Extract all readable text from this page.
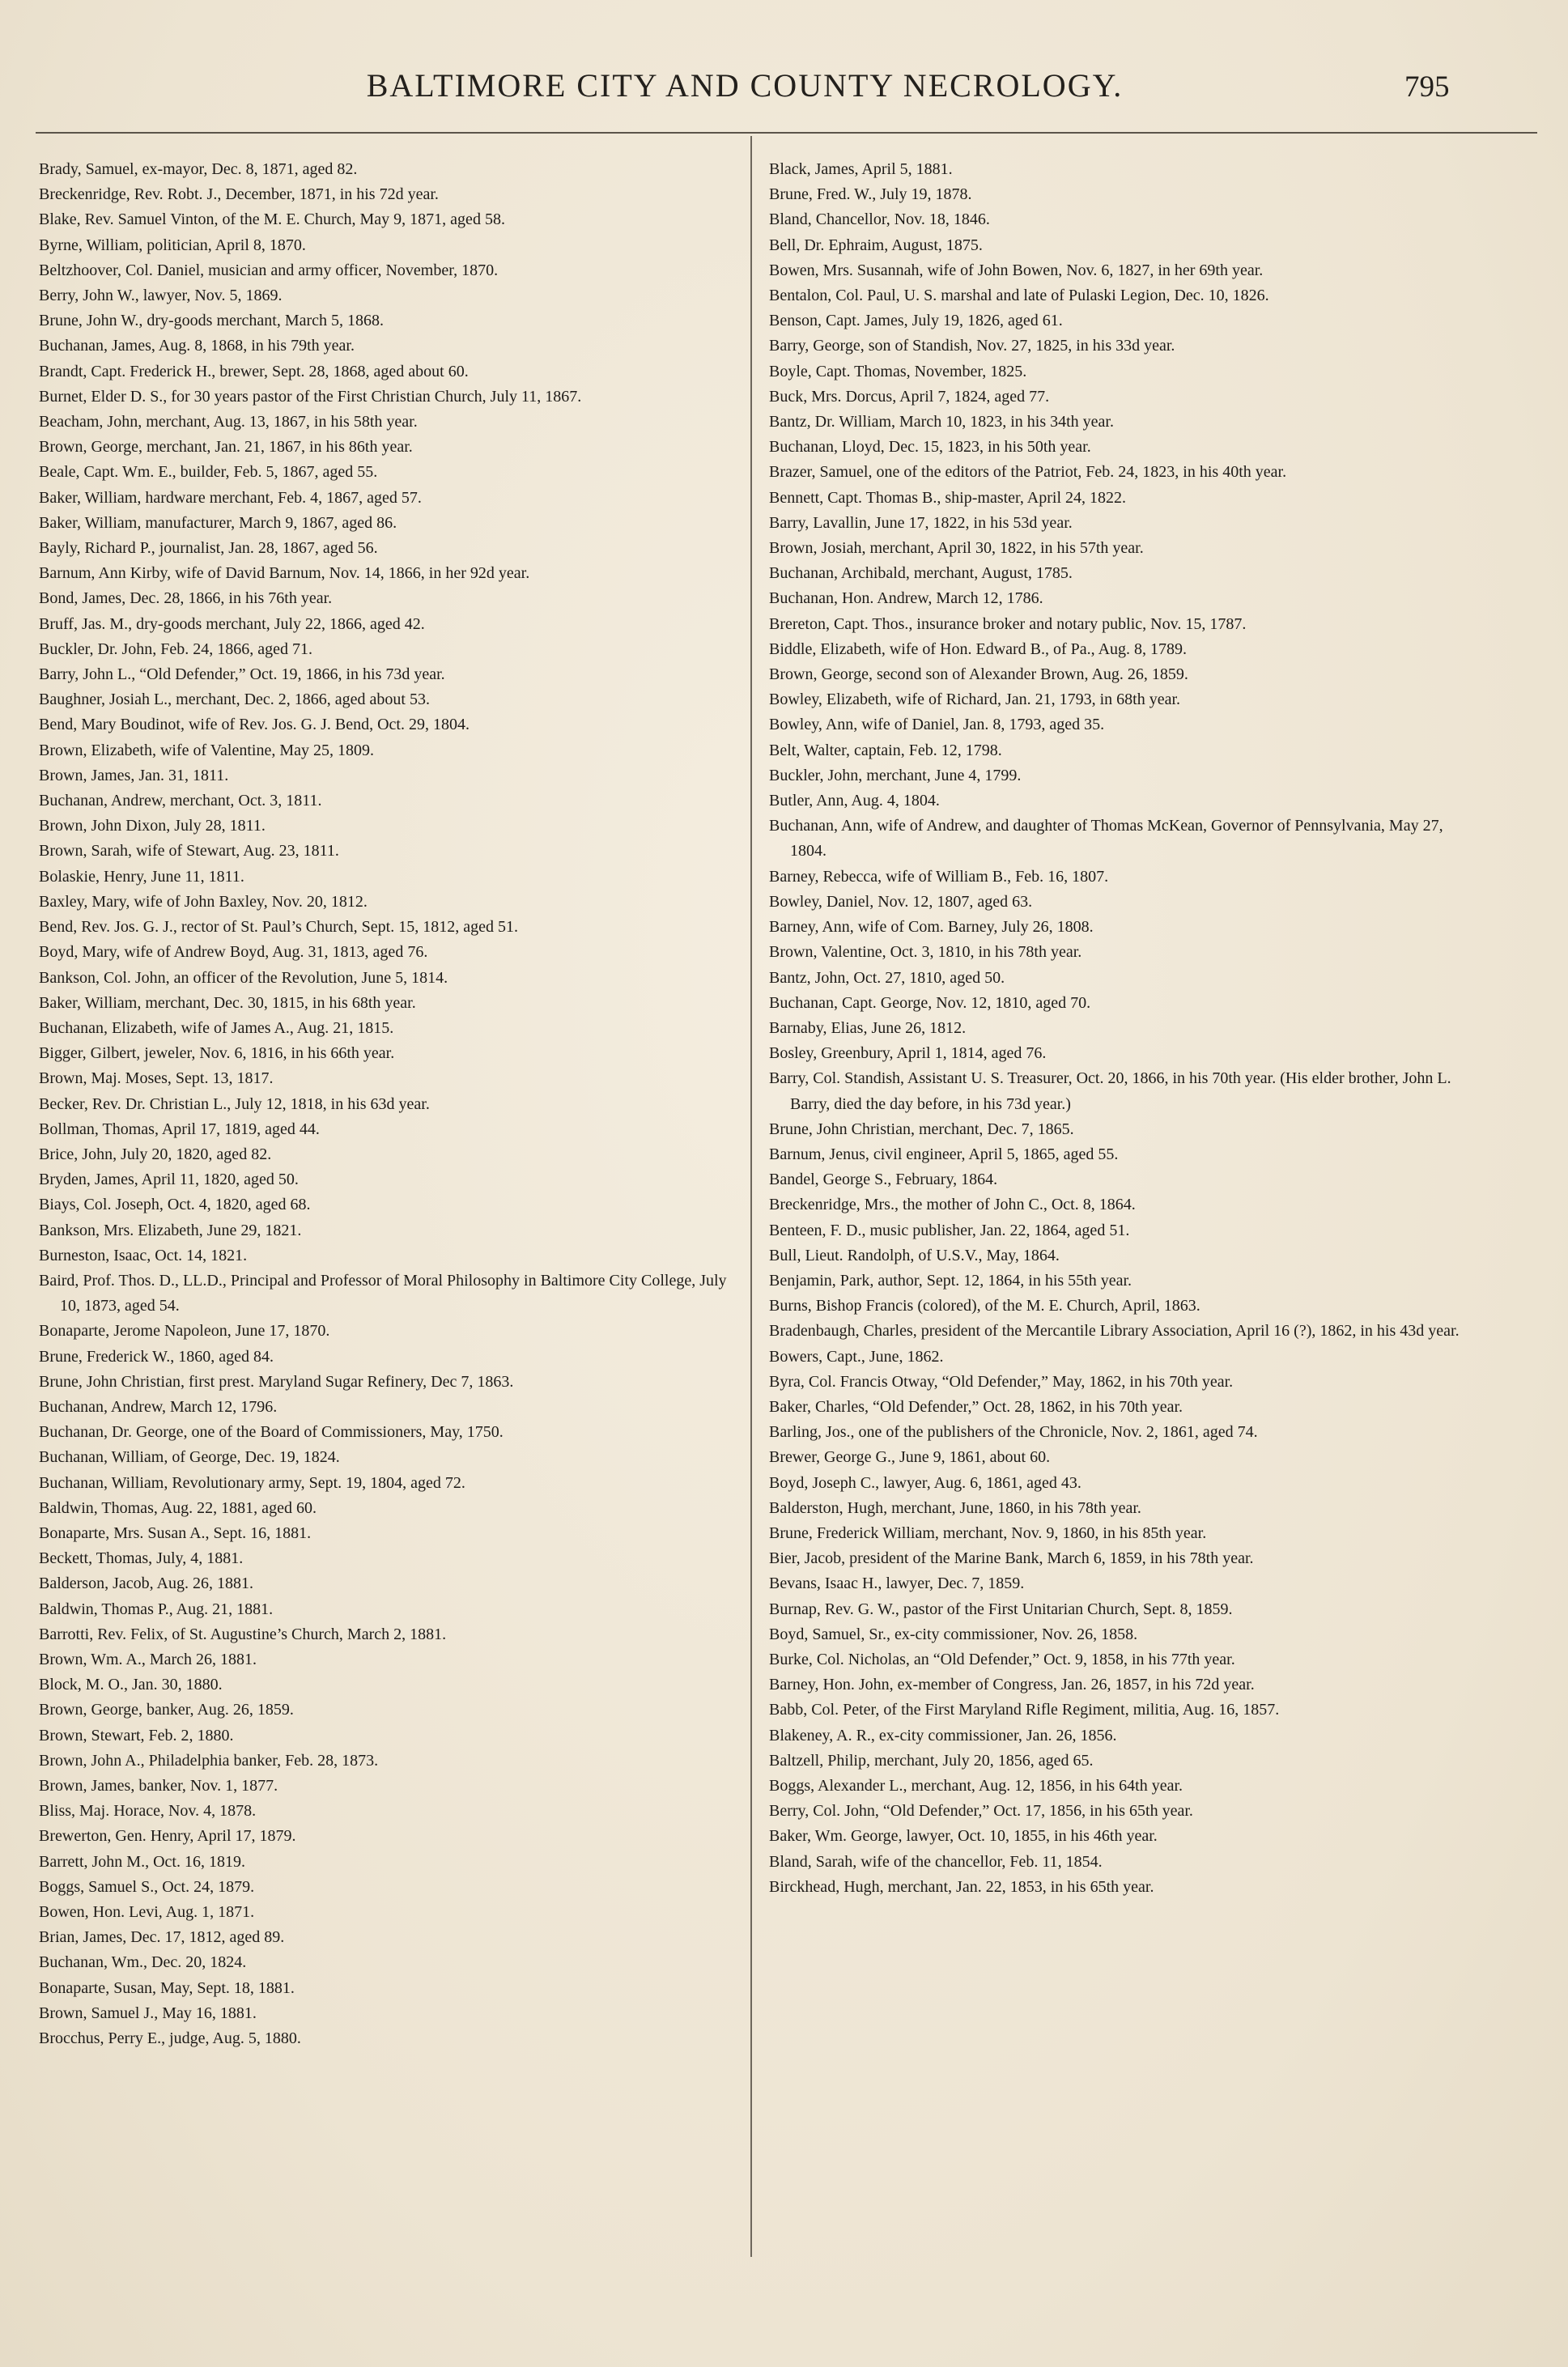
BALTIMORE CITY AND COUNTY NECROLOGY.	795
Brady, Samuel, ex-mayor, Dec. 8, 1871, aged 82.
Breckenridge, Rev. Robt. J., December, 1871, in his 72d year.
Blake, Rev. Samuel Vinton, of the M. E. Church, May 9, 1871, aged 58.
Byrne, William, politician, April 8, 1870.
Beltzhoover, Col. Daniel, musician and army officer, November, 1870.
Berry, John W., lawyer, Nov. 5, 1869.
Brune, John W., dry-goods merchant, March 5, 1868.
Buchanan, James, Aug. 8, 1868, in his 79th year.
Brandt, Capt. Frederick H., brewer, Sept. 28, 1868, aged about 60.
Burnet, Elder D. S., for 30 years pastor of the First Christian Church, July 11, 1867.
Beacham, John, merchant, Aug. 13, 1867, in his 58th year.
Brown, George, merchant, Jan. 21, 1867, in his 86th year.
Beale, Capt. Wm. E., builder, Feb. 5, 1867, aged 55.
Baker, William, hardware merchant, Feb. 4, 1867, aged 57.
Baker, William, manufacturer, March 9, 1867, aged 86.
Bayly, Richard P., journalist, Jan. 28, 1867, aged 56.
Barnum, Ann Kirby, wife of David Barnum, Nov. 14, 1866, in her 92d year.
Bond, James, Dec. 28, 1866, in his 76th year.
Bruff, Jas. M., dry-goods merchant, July 22, 1866, aged 42.
Buckler, Dr. John, Feb. 24, 1866, aged 71.
Barry, John L., “Old Defender,” Oct. 19, 1866, in his 73d year.
Baughner, Josiah L., merchant, Dec. 2, 1866, aged about 53.
Bend, Mary Boudinot, wife of Rev. Jos. G. J. Bend, Oct. 29, 1804.
Brown, Elizabeth, wife of Valentine, May 25, 1809.
Brown, James, Jan. 31, 1811.
Buchanan, Andrew, merchant, Oct. 3, 1811.
Brown, John Dixon, July 28, 1811.
Brown, Sarah, wife of Stewart, Aug. 23, 1811.
Bolaskie, Henry, June 11, 1811.
Baxley, Mary, wife of John Baxley, Nov. 20, 1812.
Bend, Rev. Jos. G. J., rector of St. Paul’s Church, Sept. 15, 1812, aged 51.
Boyd, Mary, wife of Andrew Boyd, Aug. 31, 1813, aged 76.
Bankson, Col. John, an officer of the Revolution, June 5, 1814.
Baker, William, merchant, Dec. 30, 1815, in his 68th year.
Buchanan, Elizabeth, wife of James A., Aug. 21, 1815.
Bigger, Gilbert, jeweler, Nov. 6, 1816, in his 66th year.
Brown, Maj. Moses, Sept. 13, 1817.
Becker, Rev. Dr. Christian L., July 12, 1818, in his 63d year.
Bollman, Thomas, April 17, 1819, aged 44.
Brice, John, July 20, 1820, aged 82.
Bryden, James, April 11, 1820, aged 50.
Biays, Col. Joseph, Oct. 4, 1820, aged 68.
Bankson, Mrs. Elizabeth, June 29, 1821.
Burneston, Isaac, Oct. 14, 1821.
Baird, Prof. Thos. D., LL.D., Principal and Professor of Moral Philosophy in Baltimore City College, July 10, 1873, aged 54.
Bonaparte, Jerome Napoleon, June 17, 1870.
Brune, Frederick W., 1860, aged 84.
Brune, John Christian, first prest. Maryland Sugar Refinery, Dec 7, 1863.
Buchanan, Andrew, March 12, 1796.
Buchanan, Dr. George, one of the Board of Commissioners, May, 1750.
Buchanan, William, of George, Dec. 19, 1824.
Buchanan, William, Revolutionary army, Sept. 19, 1804, aged 72.
Baldwin, Thomas, Aug. 22, 1881, aged 60.
Bonaparte, Mrs. Susan A., Sept. 16, 1881.
Beckett, Thomas, July, 4, 1881.
Balderson, Jacob, Aug. 26, 1881.
Baldwin, Thomas P., Aug. 21, 1881.
Barrotti, Rev. Felix, of St. Augustine’s Church, March 2, 1881.
Brown, Wm. A., March 26, 1881.
Block, M. O., Jan. 30, 1880.
Brown, George, banker, Aug. 26, 1859.
Brown, Stewart, Feb. 2, 1880.
Brown, John A., Philadelphia banker, Feb. 28, 1873.
Brown, James, banker, Nov. 1, 1877.
Bliss, Maj. Horace, Nov. 4, 1878.
Brewerton, Gen. Henry, April 17, 1879.
Barrett, John M., Oct. 16, 1819.
Boggs, Samuel S., Oct. 24, 1879.
Bowen, Hon. Levi, Aug. 1, 1871.
Brian, James, Dec. 17, 1812, aged 89.
Buchanan, Wm., Dec. 20, 1824.
Bonaparte, Susan, May, Sept. 18, 1881.
Brown, Samuel J., May 16, 1881.
Brocchus, Perry E., judge, Aug. 5, 1880.
Black, James, April 5, 1881.
Brune, Fred. W., July 19, 1878.
Bland, Chancellor, Nov. 18, 1846.
Bell, Dr. Ephraim, August, 1875.
Bowen, Mrs. Susannah, wife of John Bowen, Nov. 6, 1827, in her 69th year.
Bentalon, Col. Paul, U. S. marshal and late of Pulaski Legion, Dec. 10, 1826.
Benson, Capt. James, July 19, 1826, aged 61.
Barry, George, son of Standish, Nov. 27, 1825, in his 33d year.
Boyle, Capt. Thomas, November, 1825.
Buck, Mrs. Dorcus, April 7, 1824, aged 77.
Bantz, Dr. William, March 10, 1823, in his 34th year.
Buchanan, Lloyd, Dec. 15, 1823, in his 50th year.
Brazer, Samuel, one of the editors of the Patriot, Feb. 24, 1823, in his 40th year.
Bennett, Capt. Thomas B., ship-master, April 24, 1822.
Barry, Lavallin, June 17, 1822, in his 53d year.
Brown, Josiah, merchant, April 30, 1822, in his 57th year.
Buchanan, Archibald, merchant, August, 1785.
Buchanan, Hon. Andrew, March 12, 1786.
Brereton, Capt. Thos., insurance broker and notary public, Nov. 15, 1787.
Biddle, Elizabeth, wife of Hon. Edward B., of Pa., Aug. 8, 1789.
Brown, George, second son of Alexander Brown, Aug. 26, 1859.
Bowley, Elizabeth, wife of Richard, Jan. 21, 1793, in 68th year.
Bowley, Ann, wife of Daniel, Jan. 8, 1793, aged 35.
Belt, Walter, captain, Feb. 12, 1798.
Buckler, John, merchant, June 4, 1799.
Butler, Ann, Aug. 4, 1804.
Buchanan, Ann, wife of Andrew, and daughter of Thomas McKean, Governor of Pennsylvania, May 27, 1804.
Barney, Rebecca, wife of William B., Feb. 16, 1807.
Bowley, Daniel, Nov. 12, 1807, aged 63.
Barney, Ann, wife of Com. Barney, July 26, 1808.
Brown, Valentine, Oct. 3, 1810, in his 78th year.
Bantz, John, Oct. 27, 1810, aged 50.
Buchanan, Capt. George, Nov. 12, 1810, aged 70.
Barnaby, Elias, June 26, 1812.
Bosley, Greenbury, April 1, 1814, aged 76.
Barry, Col. Standish, Assistant U. S. Treasurer, Oct. 20, 1866, in his 70th year. (His elder brother, John L. Barry, died the day before, in his 73d year.)
Brune, John Christian, merchant, Dec. 7, 1865.
Barnum, Jenus, civil engineer, April 5, 1865, aged 55.
Bandel, George S., February, 1864.
Breckenridge, Mrs., the mother of John C., Oct. 8, 1864.
Benteen, F. D., music publisher, Jan. 22, 1864, aged 51.
Bull, Lieut. Randolph, of U.S.V., May, 1864.
Benjamin, Park, author, Sept. 12, 1864, in his 55th year.
Burns, Bishop Francis (colored), of the M. E. Church, April, 1863.
Bradenbaugh, Charles, president of the Mercantile Library Association, April 16 (?), 1862, in his 43d year.
Bowers, Capt., June, 1862.
Byra, Col. Francis Otway, “Old Defender,” May, 1862, in his 70th year.
Baker, Charles, “Old Defender,” Oct. 28, 1862, in his 70th year.
Barling, Jos., one of the publishers of the Chronicle, Nov. 2, 1861, aged 74.
Brewer, George G., June 9, 1861, about 60.
Boyd, Joseph C., lawyer, Aug. 6, 1861, aged 43.
Balderston, Hugh, merchant, June, 1860, in his 78th year.
Brune, Frederick William, merchant, Nov. 9, 1860, in his 85th year.
Bier, Jacob, president of the Marine Bank, March 6, 1859, in his 78th year.
Bevans, Isaac H., lawyer, Dec. 7, 1859.
Burnap, Rev. G. W., pastor of the First Unitarian Church, Sept. 8, 1859.
Boyd, Samuel, Sr., ex-city commissioner, Nov. 26, 1858.
Burke, Col. Nicholas, an “Old Defender,” Oct. 9, 1858, in his 77th year.
Barney, Hon. John, ex-member of Congress, Jan. 26, 1857, in his 72d year.
Babb, Col. Peter, of the First Maryland Rifle Regiment, militia, Aug. 16, 1857.
Blakeney, A. R., ex-city commissioner, Jan. 26, 1856.
Baltzell, Philip, merchant, July 20, 1856, aged 65.
Boggs, Alexander L., merchant, Aug. 12, 1856, in his 64th year.
Berry, Col. John, “Old Defender,” Oct. 17, 1856, in his 65th year.
Baker, Wm. George, lawyer, Oct. 10, 1855, in his 46th year.
Bland, Sarah, wife of the chancellor, Feb. 11, 1854.
Birckhead, Hugh, merchant, Jan. 22, 1853, in his 65th year.
